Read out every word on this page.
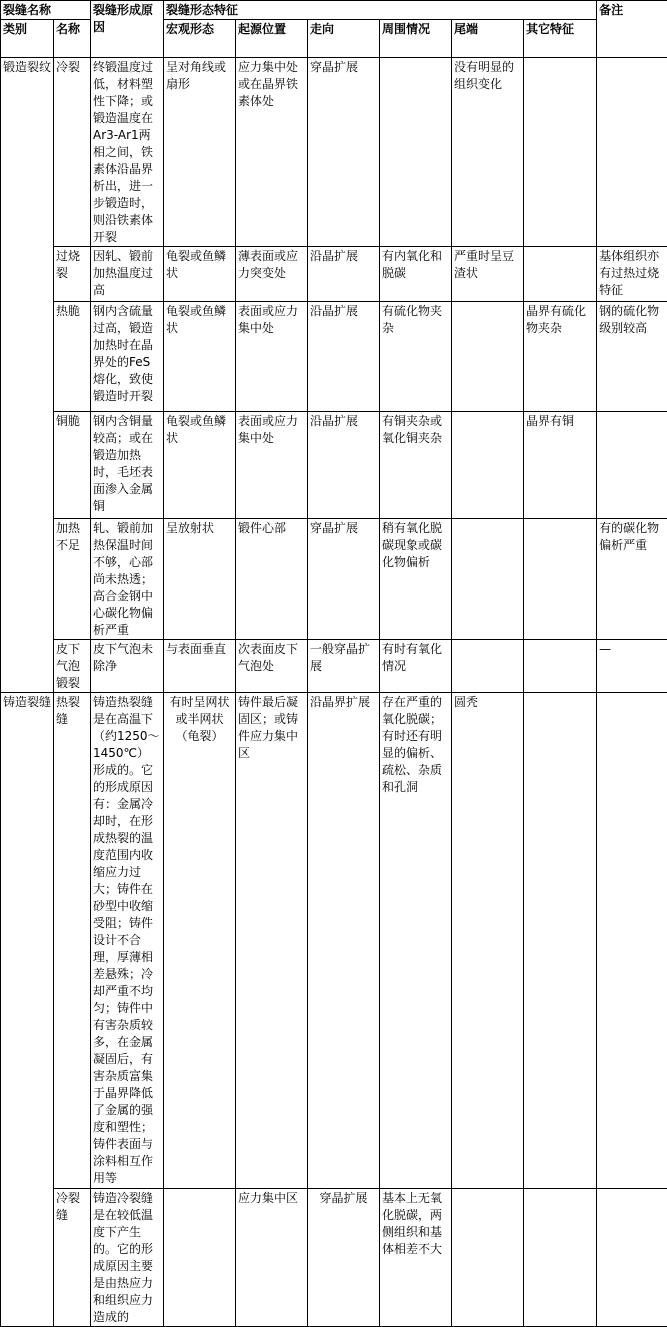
裂缝名称		裂缝形成原因	裂缝形态特征						备注
类别	名称		宏观形态	起源位置	走向	周围情况	尾端	其它特征	
锻造裂纹	冷裂	终锻温度过低，材料塑性下降；或锻造温度在Ar3-Ar1两相之间，铁素体沿晶界析出，进一步锻造时，则沿铁素体开裂	呈对角线或扇形	应力集中处或在晶界铁素体处	穿晶扩展		没有明显的组织变化		
	过烧裂	因轧、锻前加热温度过高	龟裂或鱼鳞状	薄表面或应力突变处	沿晶扩展	有内氧化和脱碳	严重时呈豆渣状		基体组织亦有过热过烧特征
	热脆	钢内含硫量过高，锻造加热时在晶界处的FeS熔化，致使锻造时开裂	龟裂或鱼鳞状	表面或应力集中处	沿晶扩展	有硫化物夹杂		晶界有硫化物夹杂	钢的硫化物级别较高
	铜脆	钢内含铜量较高；或在锻造加热时，毛坯表面渗入金属铜	龟裂或鱼鳞状	表面或应力集中处	沿晶扩展	有铜夹杂或氧化铜夹杂		晶界有铜	
	加热不足	轧、锻前加热保温时间不够，心部尚未热透；高合金钢中心碳化物偏析严重	呈放射状	锻件心部	穿晶扩展	稍有氧化脱碳现象或碳化物偏析			有的碳化物偏析严重
	皮下气泡锻裂	皮下气泡未除净	与表面垂直	次表面皮下气泡处	一般穿晶扩展	有时有氧化情况			—
铸造裂缝	热裂缝	铸造热裂缝是在高温下（约1250～1450℃）形成的。它的形成原因有：金属冷却时，在形成热裂的温度范围内收缩应力过大；铸件在砂型中收缩受阻；铸件设计不合理，厚薄相差悬殊；冷却严重不均匀；铸件中有害杂质较多，在金属凝固后，有害杂质富集于晶界降低了金属的强度和塑性；铸件表面与涂料相互作用等	有时呈网状或半网状（龟裂）	铸件最后凝固区；或铸件应力集中区	沿晶界扩展	存在严重的氧化脱碳；有时还有明显的偏析、疏松、杂质和孔洞	圆秃		
	冷裂缝	铸造冷裂缝是在较低温度下产生的。它的形成原因主要是由热应力和组织应力造成的		应力集中区	穿晶扩展	基本上无氧化脱碳，两侧组织和基体相差不大			
